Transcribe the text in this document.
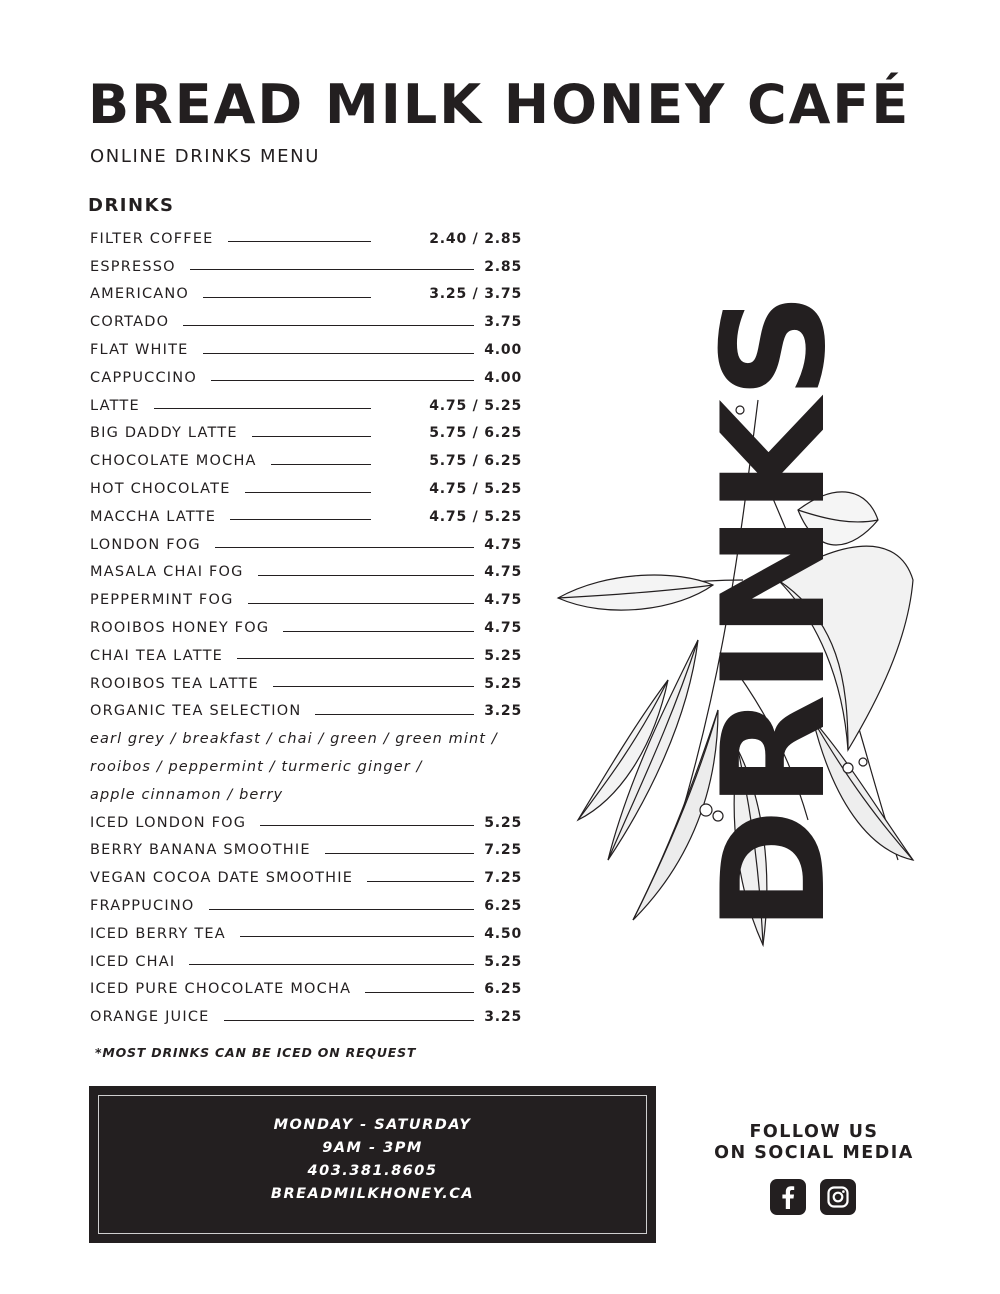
BREAD MILK HONEY CAFÉ
ONLINE DRINKS MENU
DRINKS
FILTER COFFEE	2.40 / 2.85
ESPRESSO	2.85
AMERICANO	3.25 / 3.75
CORTADO	3.75
FLAT WHITE	4.00
CAPPUCCINO	4.00
LATTE	4.75 / 5.25
BIG DADDY LATTE	5.75 / 6.25
CHOCOLATE MOCHA	5.75 / 6.25
HOT CHOCOLATE	4.75 / 5.25
MACCHA LATTE	4.75 / 5.25
LONDON FOG	4.75
MASALA CHAI FOG	4.75
PEPPERMINT FOG	4.75
ROOIBOS HONEY FOG	4.75
CHAI TEA LATTE	5.25
ROOIBOS TEA LATTE	5.25
ORGANIC TEA SELECTION	3.25
earl grey / breakfast / chai / green / green mint /
rooibos / peppermint / turmeric ginger /
apple cinnamon / berry
ICED LONDON FOG	5.25
BERRY BANANA SMOOTHIE	7.25
VEGAN COCOA DATE SMOOTHIE	7.25
FRAPPUCINO	6.25
ICED BERRY TEA	4.50
ICED CHAI	5.25
ICED PURE CHOCOLATE MOCHA	6.25
ORANGE JUICE	3.25
*MOST DRINKS CAN BE ICED ON REQUEST
MONDAY - SATURDAY
9AM - 3PM
403.381.8605
BREADMILKHONEY.CA
FOLLOW US
ON SOCIAL MEDIA
DRINKS
